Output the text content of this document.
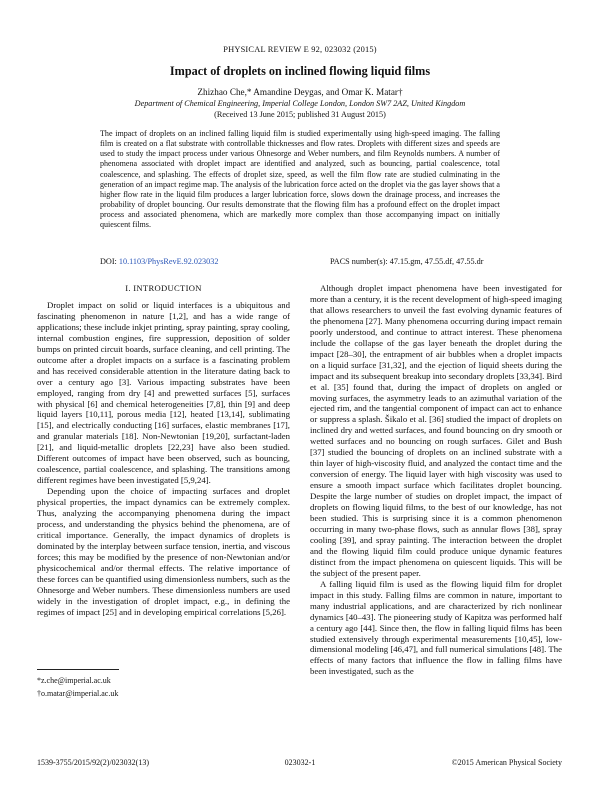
PHYSICAL REVIEW E 92, 023032 (2015)
Impact of droplets on inclined flowing liquid films
Zhizhao Che,* Amandine Deygas, and Omar K. Matar†
Department of Chemical Engineering, Imperial College London, London SW7 2AZ, United Kingdom
(Received 13 June 2015; published 31 August 2015)
The impact of droplets on an inclined falling liquid film is studied experimentally using high-speed imaging. The falling film is created on a flat substrate with controllable thicknesses and flow rates. Droplets with different sizes and speeds are used to study the impact process under various Ohnesorge and Weber numbers, and film Reynolds numbers. A number of phenomena associated with droplet impact are identified and analyzed, such as bouncing, partial coalescence, total coalescence, and splashing. The effects of droplet size, speed, as well the film flow rate are studied culminating in the generation of an impact regime map. The analysis of the lubrication force acted on the droplet via the gas layer shows that a higher flow rate in the liquid film produces a larger lubrication force, slows down the drainage process, and increases the probability of droplet bouncing. Our results demonstrate that the flowing film has a profound effect on the droplet impact process and associated phenomena, which are markedly more complex than those accompanying impact on initially quiescent films.
DOI: 10.1103/PhysRevE.92.023032	PACS number(s): 47.15.gm, 47.55.df, 47.55.dr
I. INTRODUCTION

Droplet impact on solid or liquid interfaces is a ubiquitous and fascinating phenomenon in nature [1,2], and has a wide range of applications; these include inkjet printing, spray painting, spray cooling, internal combustion engines, fire suppression, deposition of solder bumps on printed circuit boards, surface cleaning, and cell printing. The outcome after a droplet impacts on a surface is a fascinating problem and has received considerable attention in the literature dating back to over a century ago [3]. Various impacting substrates have been employed, ranging from dry [4] and prewetted surfaces [5], surfaces with physical [6] and chemical heterogeneities [7,8], thin [9] and deep liquid layers [10,11], porous media [12], heated [13,14], sublimating [15], and electrically conducting [16] surfaces, elastic membranes [17], and granular materials [18]. Non-Newtonian [19,20], surfactant-laden [21], and liquid-metallic droplets [22,23] have also been studied. Different outcomes of impact have been observed, such as bouncing, coalescence, partial coalescence, and splashing. The transitions among different regimes have been investigated [5,9,24].

Depending upon the choice of impacting surfaces and droplet physical properties, the impact dynamics can be extremely complex. Thus, analyzing the accompanying phenomena during the impact process, and understanding the physics behind the phenomena, are of critical importance. Generally, the impact dynamics of droplets is dominated by the interplay between surface tension, inertia, and viscous forces; this may be modified by the presence of non-Newtonian and/or physicochemical and/or thermal effects. The relative importance of these forces can be quantified using dimensionless numbers, such as the Ohnesorge and Weber numbers. These dimensionless numbers are used widely in the investigation of droplet impact, e.g., in defining the regimes of impact [25] and in developing empirical correlations [5,26].

Although droplet impact phenomena have been investigated for more than a century, it is the recent development of high-speed imaging that allows researchers to unveil the fast evolving dynamic features of the phenomena [27]. Many phenomena occurring during impact remain poorly understood, and continue to attract interest. These phenomena include the collapse of the gas layer beneath the droplet during the impact [28–30], the entrapment of air bubbles when a droplet impacts on a liquid surface [31,32], and the ejection of liquid sheets during the impact and its subsequent breakup into secondary droplets [33,34]. Bird et al. [35] found that, during the impact of droplets on angled or moving surfaces, the asymmetry leads to an azimuthal variation of the ejected rim, and the tangential component of impact can act to enhance or suppress a splash. Šikalo et al. [36] studied the impact of droplets on inclined dry and wetted surfaces, and found bouncing on dry smooth or wetted surfaces and no bouncing on rough surfaces. Gilet and Bush [37] studied the bouncing of droplets on an inclined substrate with a thin layer of high-viscosity fluid, and analyzed the contact time and the conversion of energy. The liquid layer with high viscosity was used to ensure a smooth impact surface which facilitates droplet bouncing. Despite the large number of studies on droplet impact, the impact of droplets on flowing liquid films, to the best of our knowledge, has not been studied. This is surprising since it is a common phenomenon occurring in many two-phase flows, such as annular flows [38], spray cooling [39], and spray painting. The interaction between the droplet and the flowing liquid film could produce unique dynamic features distinct from the impact phenomena on quiescent liquids. This will be the subject of the present paper.

A falling liquid film is used as the flowing liquid film for droplet impact in this study. Falling films are common in nature, important to many industrial applications, and are characterized by rich nonlinear dynamics [40–43]. The pioneering study of Kapitza was performed half a century ago [44]. Since then, the flow in falling liquid films has been studied extensively through experimental measurements [10,45], low-dimensional modeling [46,47], and full numerical simulations [48]. The effects of many factors that influence the flow in falling films have been investigated, such as the

*z.che@imperial.ac.uk
†o.matar@imperial.ac.uk
1539-3755/2015/92(2)/023032(13)	023032-1	©2015 American Physical Society
